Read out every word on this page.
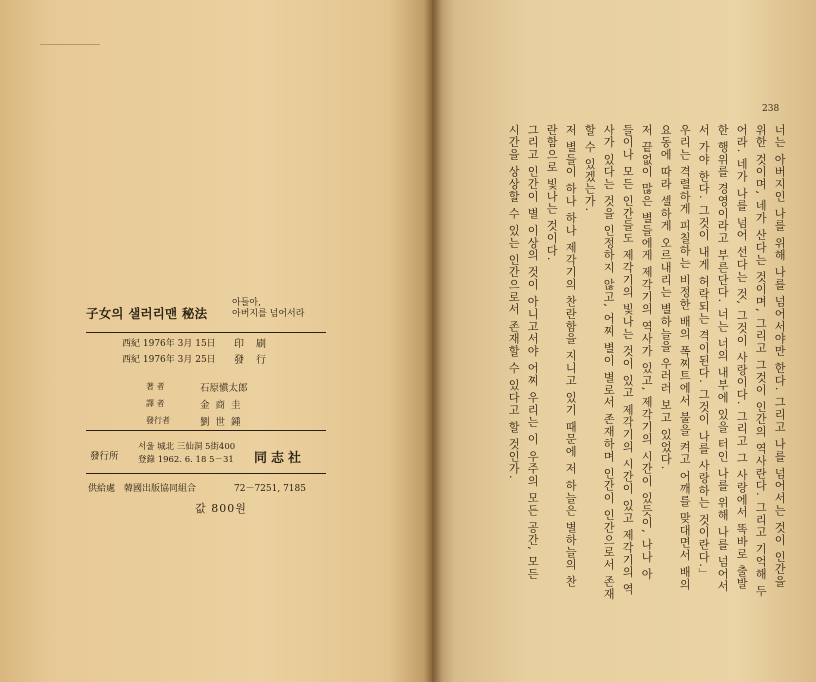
子女의 샐러리맨 秘法
아들아,
아버지를 넘어서라
西紀 1976年 3月 15日 印刷
西紀 1976年 3月 25日 發行
著 者	石原愼太郎
譯 者	金商圭
發行者	劉世鍾
發行所
서울 城北 三仙洞 5街400
登錄 1962. 6. 18 5－31 同志社
供給處 韓國出版協同組合	72－7251, 7185
값 800원
238
너는 아버지인 나를 위해 나를 넘어서야만 한다. 그리고 나를 넘어서는 것이 인간을
위한 것이며, 네가 산다는 것이며, 그리고 그것이 인간의 역사란다. 그리고 기억해 두
어라. 네가 나를 넘어 선다는 것, 그것이 사랑이다. 그리고 그 사랑에서 똑바로 출발
한 행위를 경영이라고 부른단다. 너는 너의 내부에 있을 터인 나를 위해 나를 넘어서
서 가야 한다. 그것이 내게 허락되는 격이된다. 그것이 나를 사랑하는 것이란다.」
우리는 격렬하게 피칠하는 비정한 배의 폭찌트에서 불을 켜고 어깨를 맞대면서 배의
요동에 따라 셀하게 오르내리는 별하늘을 우러러 보고 있었다.
저 끝없이 많은 별들에게 제각기의 역사가 있고, 제각기의 시간이 있듯이, 나나 아
들이나 모든 인간들도 제각기의 빛나는 것이 있고 제각기의 시간이 있고 제각기의 역
사가 있다는 것을 인정하지 않고, 어찌 별이 별로서 존재하며 인간이 인간으로서 존재
할 수 있겠는가.
저 별들이 하나 하나 제각기의 찬란함을 지니고 있기 때문에 저 하늘은 별하늘의 찬
란함으로 빛나는 것이다.
그리고 인간이 별 이상의 것이 아니고서야 어찌 우리는 이 우주의 모든 공간, 모든
시간을 상상할 수 있는 인간으로서 존재할 수 있다고 할 것인가.
